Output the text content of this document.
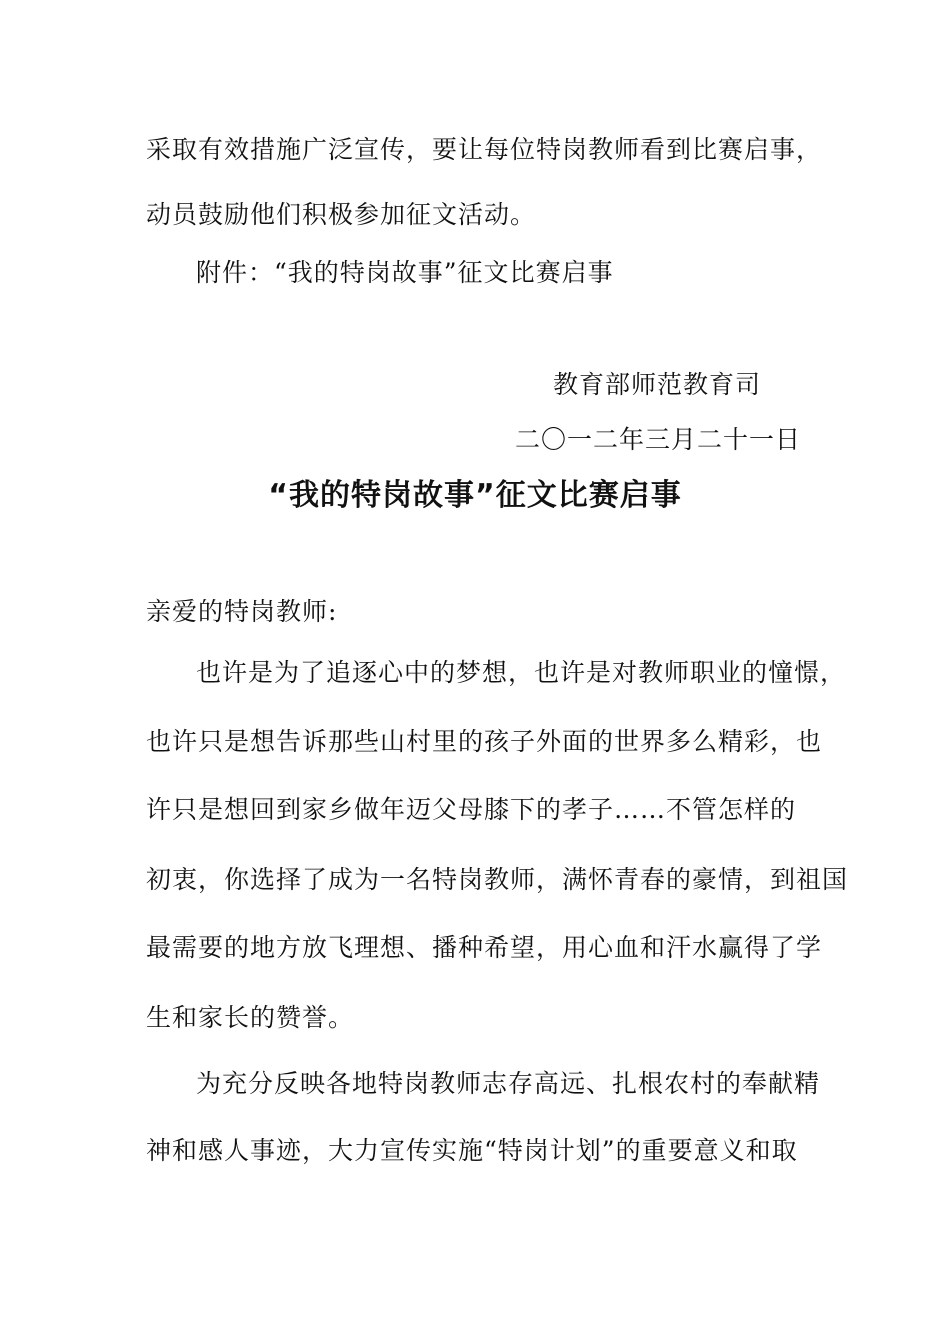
采取有效措施广泛宣传，要让每位特岗教师看到比赛启事，
动员鼓励他们积极参加征文活动。
附件：“我的特岗故事”征文比赛启事
教育部师范教育司
二〇一二年三月二十一日
“我的特岗故事”征文比赛启事
亲爱的特岗教师:
也许是为了追逐心中的梦想，也许是对教师职业的憧憬，
也许只是想告诉那些山村里的孩子外面的世界多么精彩，也
许只是想回到家乡做年迈父母膝下的孝子……不管怎样的
初衷，你选择了成为一名特岗教师，满怀青春的豪情，到祖国
最需要的地方放飞理想、播种希望，用心血和汗水赢得了学
生和家长的赞誉。
为充分反映各地特岗教师志存高远、扎根农村的奉献精
神和感人事迹，大力宣传实施“特岗计划”的重要意义和取
